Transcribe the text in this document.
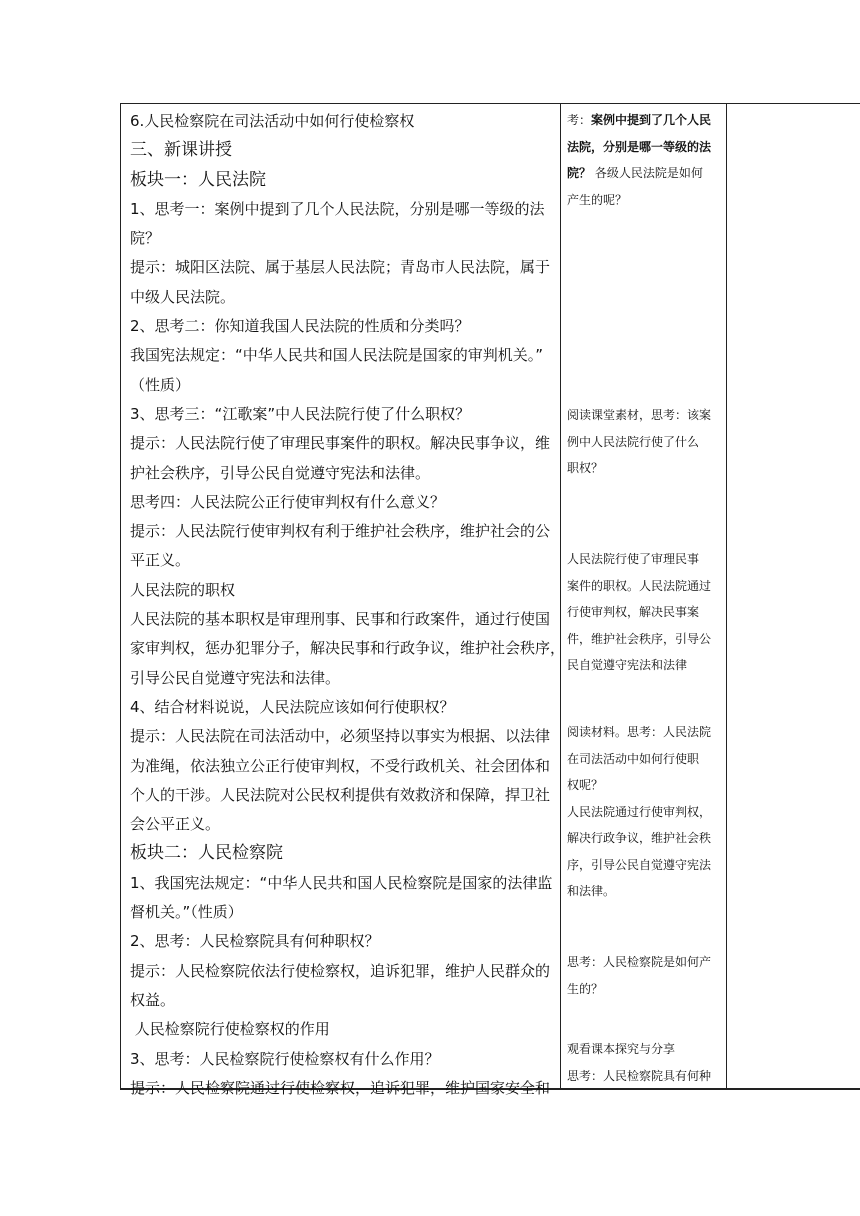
6.人民检察院在司法活动中如何行使检察权
三、新课讲授
板块一：人民法院
1、思考一：案例中提到了几个人民法院，分别是哪一等级的法
院？
提示：城阳区法院、属于基层人民法院；青岛市人民法院，属于
中级人民法院。
2、思考二：你知道我国人民法院的性质和分类吗？
我国宪法规定：“中华人民共和国人民法院是国家的审判机关。”
（性质）
3、思考三：“江歌案”中人民法院行使了什么职权？
提示：人民法院行使了审理民事案件的职权。解决民事争议，维
护社会秩序，引导公民自觉遵守宪法和法律。
思考四：人民法院公正行使审判权有什么意义？
提示：人民法院行使审判权有利于维护社会秩序，维护社会的公
平正义。
人民法院的职权
人民法院的基本职权是审理刑事、民事和行政案件，通过行使国
家审判权，惩办犯罪分子，解决民事和行政争议，维护社会秩序，
引导公民自觉遵守宪法和法律。
4、结合材料说说，人民法院应该如何行使职权？
提示：人民法院在司法活动中，必须坚持以事实为根据、以法律
为准绳，依法独立公正行使审判权，不受行政机关、社会团体和
个人的干涉。人民法院对公民权利提供有效救济和保障，捍卫社
会公平正义。
板块二：人民检察院
1、我国宪法规定：“中华人民共和国人民检察院是国家的法律监
督机关。”（性质）
2、思考：人民检察院具有何种职权？
提示：人民检察院依法行使检察权，追诉犯罪，维护人民群众的
权益。
人民检察院行使检察权的作用
3、思考：人民检察院行使检察权有什么作用？
提示：人民检察院通过行使检察权，追诉犯罪，维护国家安全和
考：案例中提到了几个人民
法院，分别是哪一等级的法
院？ 各级人民法院是如何
产生的呢？
阅读课堂素材，思考：该案
例中人民法院行使了什么
职权？
人民法院行使了审理民事
案件的职权。人民法院通过
行使审判权，解决民事案
件，维护社会秩序，引导公
民自觉遵守宪法和法律
阅读材料。思考：人民法院
在司法活动中如何行使职
权呢？
人民法院通过行使审判权，
解决行政争议，维护社会秩
序，引导公民自觉遵守宪法
和法律。
思考：人民检察院是如何产
生的？
观看课本探究与分享
思考：人民检察院具有何种
